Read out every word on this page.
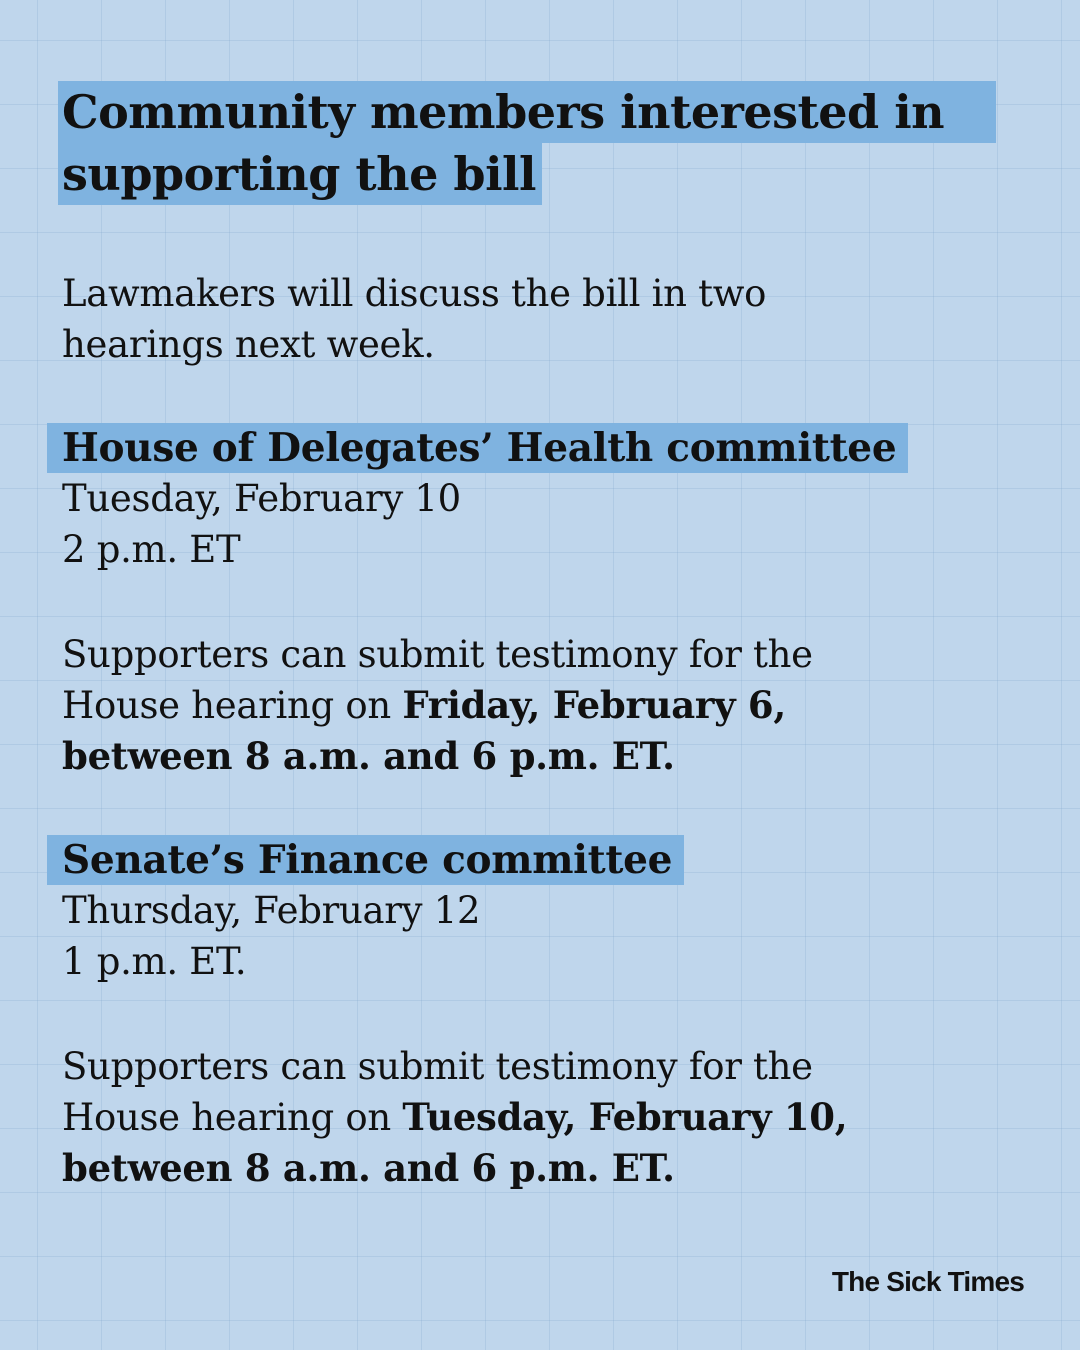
Community members interested in
supporting the bill
Lawmakers will discuss the bill in two
hearings next week.
House of Delegates’ Health committee
Tuesday, February 10
2 p.m. ET
Supporters can submit testimony for the
House hearing on Friday, February 6,
between 8 a.m. and 6 p.m. ET.
Senate’s Finance committee
Thursday, February 12
1 p.m. ET.
Supporters can submit testimony for the
House hearing on Tuesday, February 10,
between 8 a.m. and 6 p.m. ET.
The Sick Times
